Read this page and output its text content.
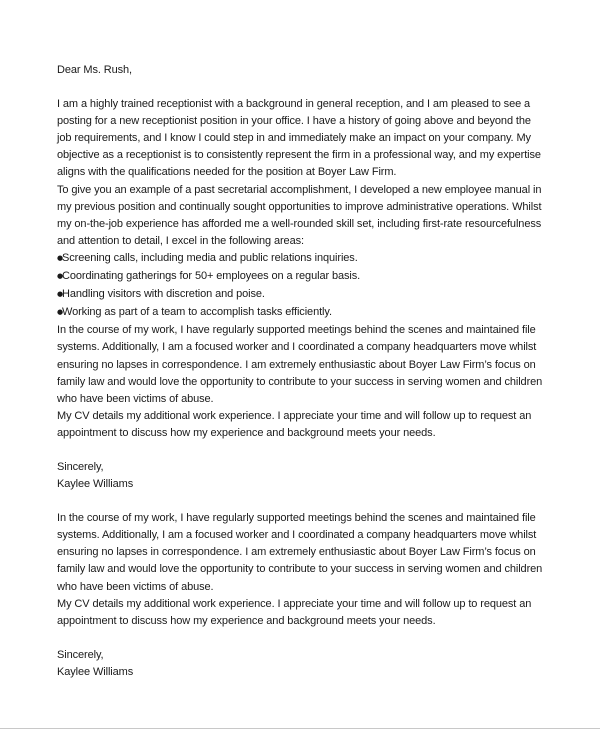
Dear Ms. Rush,

I am a highly trained receptionist with a background in general reception, and I am pleased to see a posting for a new receptionist position in your office. I have a history of going above and beyond the job requirements, and I know I could step in and immediately make an impact on your company. My objective as a receptionist is to consistently represent the firm in a professional way, and my expertise aligns with the qualifications needed for the position at Boyer Law Firm.

To give you an example of a past secretarial accomplishment, I developed a new employee manual in my previous position and continually sought opportunities to improve administrative operations. Whilst my on-the-job experience has afforded me a well-rounded skill set, including first-rate resourcefulness and attention to detail, I excel in the following areas:

●
Screening calls, including media and public relations inquiries.
●
Coordinating gatherings for 50+ employees on a regular basis.
●
Handling visitors with discretion and poise.
●
Working as part of a team to accomplish tasks efficiently.

In the course of my work, I have regularly supported meetings behind the scenes and maintained file systems. Additionally, I am a focused worker and I coordinated a company headquarters move whilst ensuring no lapses in correspondence. I am extremely enthusiastic about Boyer Law Firm’s focus on family law and would love the opportunity to contribute to your success in serving women and children who have been victims of abuse.

My CV details my additional work experience. I appreciate your time and will follow up to request an appointment to discuss how my experience and background meets your needs.

Sincerely,

Kaylee Williams

In the course of my work, I have regularly supported meetings behind the scenes and maintained file systems. Additionally, I am a focused worker and I coordinated a company headquarters move whilst ensuring no lapses in correspondence. I am extremely enthusiastic about Boyer Law Firm’s focus on family law and would love the opportunity to contribute to your success in serving women and children who have been victims of abuse.

My CV details my additional work experience. I appreciate your time and will follow up to request an appointment to discuss how my experience and background meets your needs.

Sincerely,

Kaylee Williams
